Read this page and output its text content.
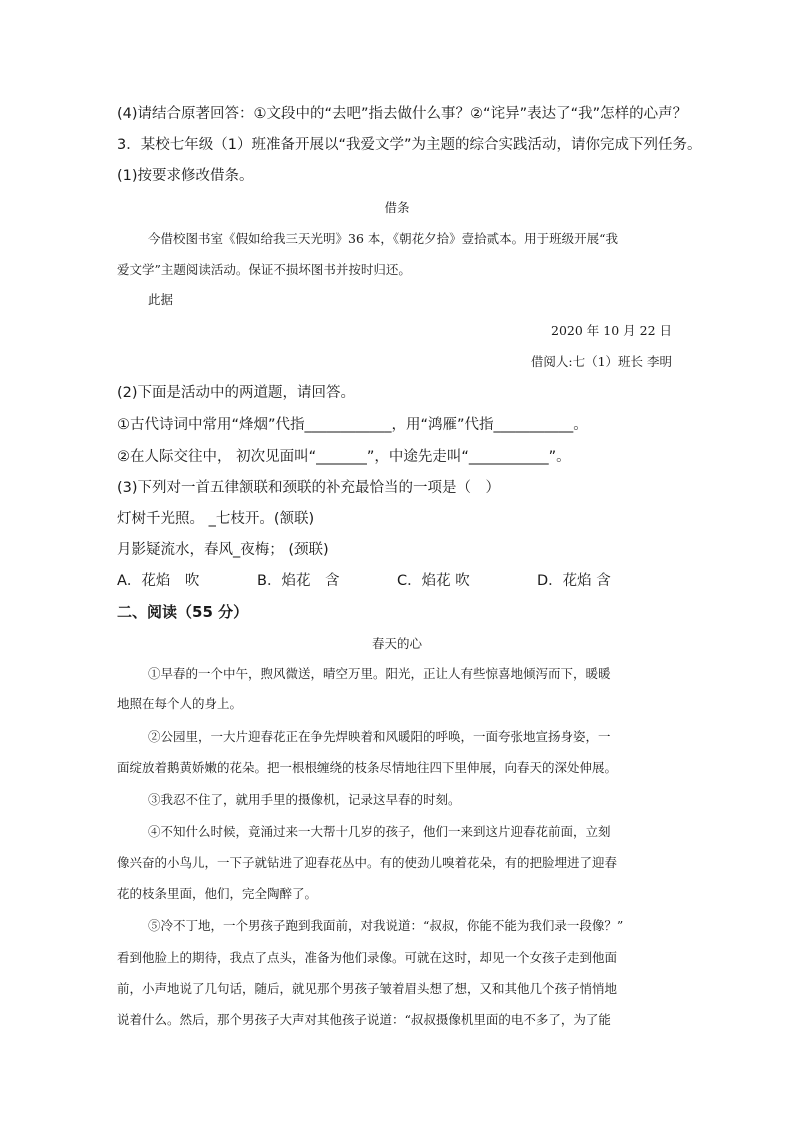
(4)请结合原著回答：①文段中的“去吧”指去做什么事？②“诧异”表达了“我”怎样的心声？
3．某校七年级（1）班准备开展以“我爱文学”为主题的综合实践活动，请你完成下列任务。
(1)按要求修改借条。
借条
今借校图书室《假如给我三天光明》36 本，《朝花夕拾》壹拾贰本。用于班级开展“我
爱文学”主题阅读活动。保证不损坏图书并按时归还。
此据
2020 年 10 月 22 日
借阅人:七（1）班长 李明
(2)下面是活动中的两道题，请回答。
①古代诗词中常用“烽烟”代指____________，用“鸿雁”代指___________。
②在人际交往中， 初次见面叫“_______”，中途先走叫“___________”。
(3)下列对一首五律颔联和颈联的补充最恰当的一项是（　）
灯树千光照。 _七枝开。(颔联)
月影疑流水，春风_夜梅； (颈联)
A．花焰　吹	B．焰花　含	C．焰花 吹	D．花焰 含
二、阅读（55 分）
春天的心
①早春的一个中午，煦风微送，晴空万里。阳光，正让人有些惊喜地倾泻而下，暖暖
地照在每个人的身上。
②公园里，一大片迎春花正在争先焊映着和风暖阳的呼唤，一面夸张地宣扬身姿，一
面绽放着鹅黄娇嫩的花朵。把一根根缠绕的枝条尽情地往四下里伸展，向春天的深处伸展。
③我忍不住了，就用手里的摄像机，记录这早春的时刻。
④不知什么时候，竟涌过来一大帮十几岁的孩子，他们一来到这片迎春花前面，立刻
像兴奋的小鸟儿，一下子就钻进了迎春花丛中。有的使劲儿嗅着花朵，有的把脸埋进了迎春
花的枝条里面，他们，完全陶醉了。
⑤冷不丁地，一个男孩子跑到我面前，对我说道：“叔叔，你能不能为我们录一段像？”
看到他脸上的期待，我点了点头，准备为他们录像。可就在这时，却见一个女孩子走到他面
前，小声地说了几句话，随后，就见那个男孩子皱着眉头想了想，又和其他几个孩子悄悄地
说着什么。然后，那个男孩子大声对其他孩子说道：“叔叔摄像机里面的电不多了，为了能
